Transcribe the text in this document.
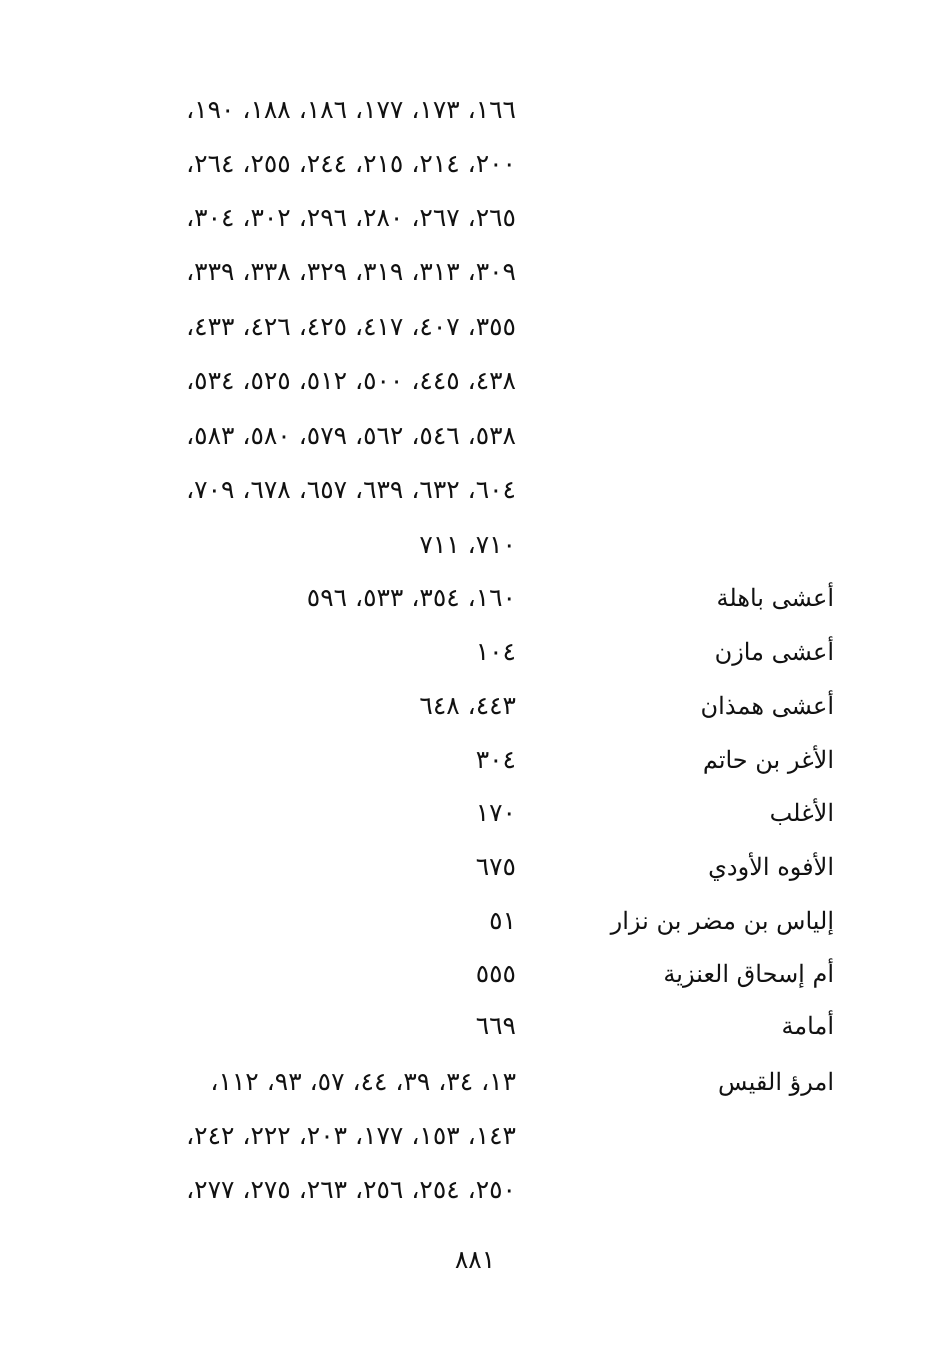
١٦٦، ١٧٣، ١٧٧، ١٨٦، ١٨٨، ١٩٠،
٢٠٠، ٢١٤، ٢١٥، ٢٤٤، ٢٥٥، ٢٦٤،
٢٦٥، ٢٦٧، ٢٨٠، ٢٩٦، ٣٠٢، ٣٠٤،
٣٠٩، ٣١٣، ٣١٩، ٣٢٩، ٣٣٨، ٣٣٩،
٣٥٥، ٤٠٧، ٤١٧، ٤٢٥، ٤٢٦، ٤٣٣،
٤٣٨، ٤٤٥، ٥٠٠، ٥١٢، ٥٢٥، ٥٣٤،
٥٣٨، ٥٤٦، ٥٦٢، ٥٧٩، ٥٨٠، ٥٨٣،
٦٠٤، ٦٣٢، ٦٣٩، ٦٥٧، ٦٧٨، ٧٠٩،
٧١٠، ٧١١
أعشى باهلة
١٦٠، ٣٥٤، ٥٣٣، ٥٩٦
أعشى مازن
١٠٤
أعشى همذان
٤٤٣، ٦٤٨
الأغر بن حاتم
٣٠٤
الأغلب
١٧٠
الأفوه الأودي
٦٧٥
إلياس بن مضر بن نزار
٥١
أم إسحاق العنزية
٥٥٥
أمامة
٦٦٩
امرؤ القيس
١٣، ٣٤، ٣٩، ٤٤، ٥٧، ٩٣، ١١٢،
١٤٣، ١٥٣، ١٧٧، ٢٠٣، ٢٢٢، ٢٤٢،
٢٥٠، ٢٥٤، ٢٥٦، ٢٦٣، ٢٧٥، ٢٧٧،
٨٨١
